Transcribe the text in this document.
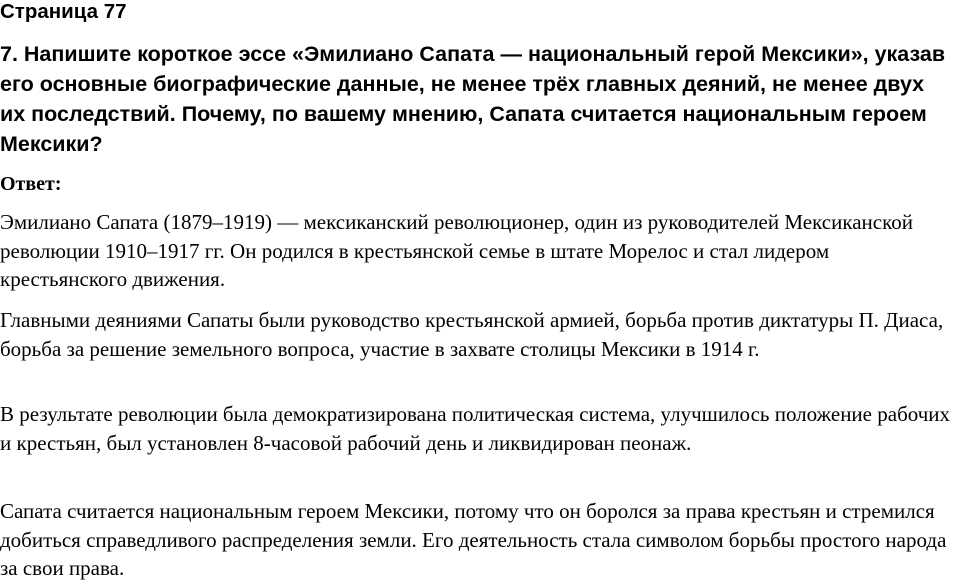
Страница 77

7. Напишите короткое эссе «Эмилиано Сапата — национальный герой Мексики», указав его основные биографические данные, не менее трёх главных деяний, не менее двух их последствий. Почему, по вашему мнению, Сапата считается национальным героем Мексики?

Ответ:

Эмилиано Сапата (1879–1919) — мексиканский революционер, один из руководителей Мексиканской революции 1910–1917 гг. Он родился в крестьянской семье в штате Морелос и стал лидером крестьянского движения.

Главными деяниями Сапаты были руководство крестьянской армией, борьба против диктатуры П. Диаса, борьба за решение земельного вопроса, участие в захвате столицы Мексики в 1914 г.

В результате революции была демократизирована политическая система, улучшилось положение рабочих и крестьян, был установлен 8-часовой рабочий день и ликвидирован пеонаж.

Сапата считается национальным героем Мексики, потому что он боролся за права крестьян и стремился добиться справедливого распределения земли. Его деятельность стала символом борьбы простого народа за свои права.
